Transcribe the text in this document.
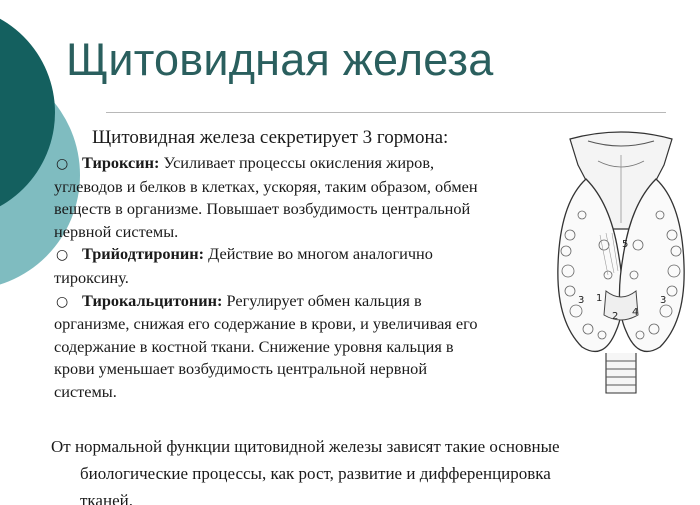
Щитовидная железа
Щитовидная железа секретирует 3 гормона:
○ Тироксин: Усиливает процессы окисления жиров,
углеводов и белков в клетках, ускоряя, таким образом, обмен
веществ в организме. Повышает возбудимость центральной
нервной системы.
○ Трийодтиронин: Действие во многом аналогично
тироксину.
○ Тирокальцитонин: Регулирует обмен кальция в
организме, снижая его содержание в крови, и увеличивая его
содержание в костной ткани. Снижение уровня кальция в
крови уменьшает возбудимость центральной нервной
системы.
5
1
2
3
4
3
От нормальной функции щитовидной железы зависят такие основные
биологические процессы, как рост, развитие и дифференцировка
тканей.
